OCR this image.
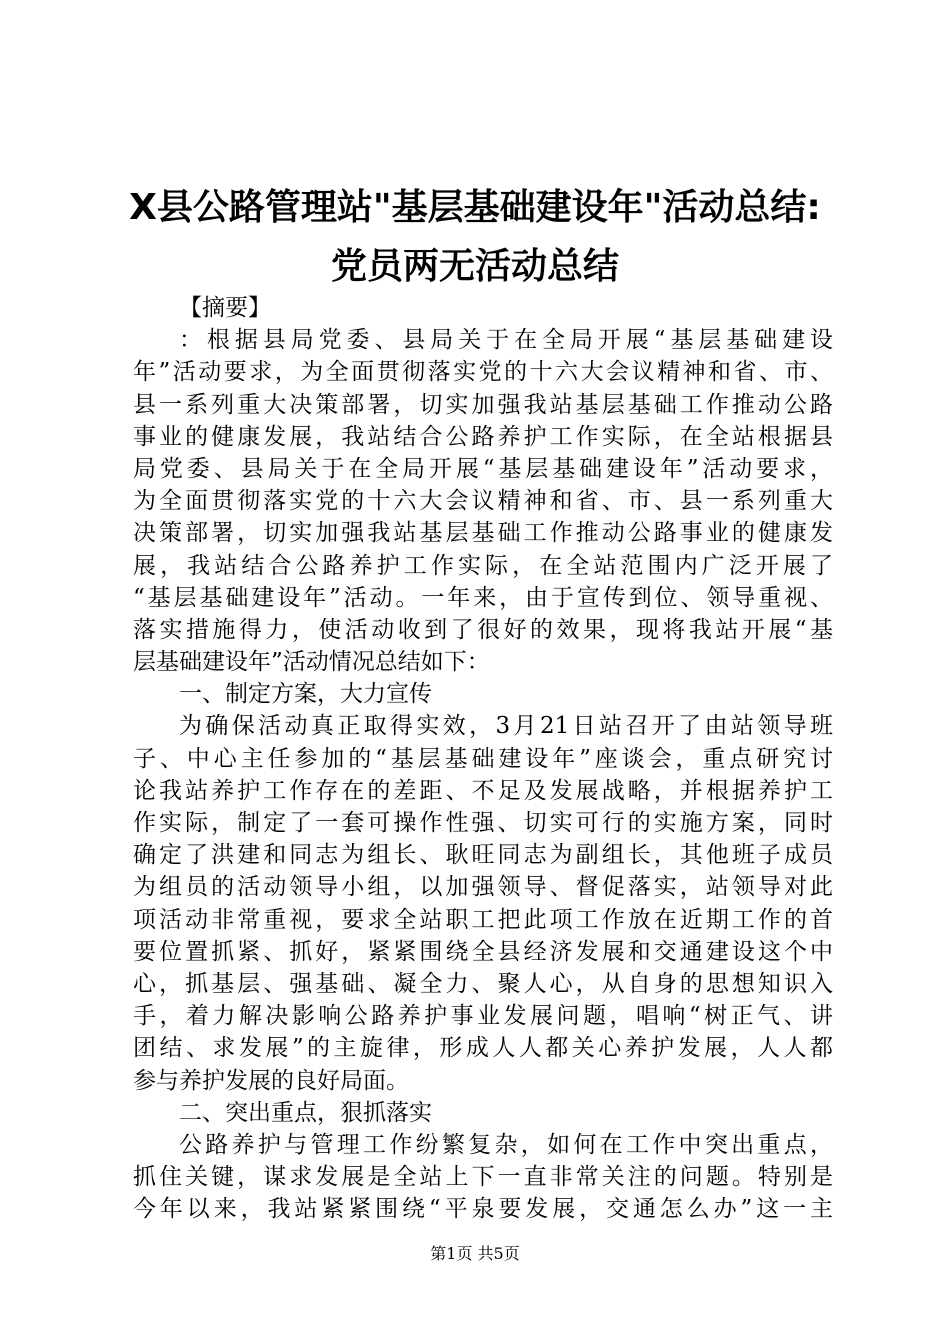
X县公路管理站"基层基础建设年"活动总结:
党员两无活动总结
【摘要】
：根据县局党委、县局关于在全局开展“基层基础建设
年”活动要求，为全面贯彻落实党的十六大会议精神和省、市、
县一系列重大决策部署，切实加强我站基层基础工作推动公路
事业的健康发展，我站结合公路养护工作实际，在全站根据县
局党委、县局关于在全局开展“基层基础建设年”活动要求，
为全面贯彻落实党的十六大会议精神和省、市、县一系列重大
决策部署，切实加强我站基层基础工作推动公路事业的健康发
展，我站结合公路养护工作实际，在全站范围内广泛开展了
“基层基础建设年”活动。一年来，由于宣传到位、领导重视、
落实措施得力，使活动收到了很好的效果，现将我站开展“基
层基础建设年”活动情况总结如下：
一、制定方案，大力宣传
为确保活动真正取得实效，3月21日站召开了由站领导班
子、中心主任参加的“基层基础建设年”座谈会，重点研究讨
论我站养护工作存在的差距、不足及发展战略，并根据养护工
作实际，制定了一套可操作性强、切实可行的实施方案，同时
确定了洪建和同志为组长、耿旺同志为副组长，其他班子成员
为组员的活动领导小组，以加强领导、督促落实，站领导对此
项活动非常重视，要求全站职工把此项工作放在近期工作的首
要位置抓紧、抓好，紧紧围绕全县经济发展和交通建设这个中
心，抓基层、强基础、凝全力、聚人心，从自身的思想知识入
手，着力解决影响公路养护事业发展问题，唱响“树正气、讲
团结、求发展”的主旋律，形成人人都关心养护发展，人人都
参与养护发展的良好局面。
二、突出重点，狠抓落实
公路养护与管理工作纷繁复杂，如何在工作中突出重点，
抓住关键，谋求发展是全站上下一直非常关注的问题。特别是
今年以来，我站紧紧围绕“平泉要发展，交通怎么办”这一主
第1页 共5页
